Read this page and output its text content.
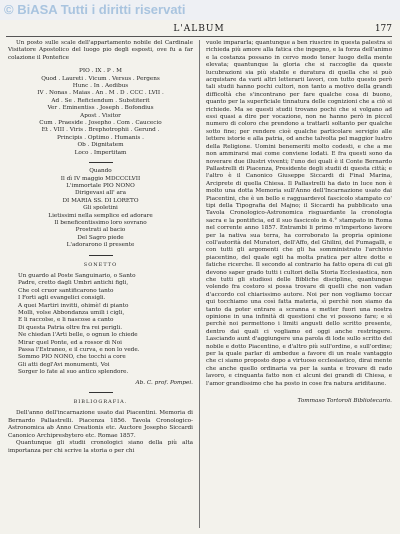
© BiASA Tutti i diritti riservati
L'ALBUM	177

Un posto sulle scale dell'appartamento nobile del Cardinale Visitatore Apostolico del luogo pio degli esposti, ove fu a far colazione il Pontefice

PIO . IX . P . M
Quod . Laureti . Vicum . Versus . Pergens
Hunc . In . Aedibus
IV . Nonas . Maias . An . M . D . CCC . LVII .
Ad . Se . Reficiendum . Substiterit
Ver . Eminentiss . Joseph . Bofondius
Apost . Visitor
Cum . Praeside . Josepho . Com . Caucecio
Et . VIII . Viris . Brephotrophii . Gerund .
Principis . Optimo . Humanis .
Ob . Dignitatem
Loco . Impertitam
Quando
Il dì IV maggio MDCCCLVII
L'immortale PIO NONO
Dirigevasi all' ara
DI MARIA SS. DI LORETO
Gli spoletini
Lietissimi nella semplice ed adorare
Il beneficentissimo loro sovrano
Prostrati al bacio
Del Sagro piede
L'adorarono il presente
SONETTO
Un guardo al Poste Sanguinario, o Santo
Padre, cretto dagli Umbri antichi figli,
Che col cruor santificarono tanto
I Forti agli evangelici consigli.
A quei Martiri invitti, ohimè! di pianto
Molli, volse Abbondanza umili i cigli,
E li raccolse, e li nascose a canto
Di questa Patria oltre fra rei perigli.
Ne chiedan l'Arti belle, o ognun lo chiede
Mirar quel Ponte, ed a rossor di Noi
Passa l'Estraneo, e il curva, e non lo vede.
Sommo PIO NONO, che tocchi a core
Gli atti degl'Avi monumenti, Voi
Sorger lo fate al suo antico splendore.
Ab. C. prof. Pompei.
BIBLIOGRAFIA.

Dell'anno dell'incarnazione usato dai Piacentini. Memoria di Bernardo Pallastrelli. Piacenza 1856. Tavola Cronologico-Astronomica ab Anno Creationis etc. Auctore Josepho Siccardi Canonico Archipresbytero etc. Romae 1857.

Quantunque gli studii cronologici siano della più alta importanza per chi scrive la storia o per chi

vuole impararla; quantunque a ben riuscire in questa palestra si richieda più amore alla fatica che ingegno, e la forza dell'animo e la costanza possano in cervo modo tener luogo della mente elevata; quantunque la gloria che si raccoglie da queste lucubrazioni sia più stabile e duratura di quella che si può acquistare da varii altri letterarii lavori, con tutto questo però tali studii hanno pochi cultori, non tanto a motivo della grandi difficoltà che s'incontrano per fare qualche cosa di buono, quanto per la superficiale tinnatura delle cognizioni che a ciò si richiede. Ma se questi studii trovano pochi che si volgano ad essi quasi a dire per vocazione, non ne hanno però in piccol numero di coloro che prendono a trattarli soltanto per qualche sotto fine; per rendere cioè qualche particolare servigio alle lettere istorie e alla patria, od anche talvolta pel maggior lustro della Religione. Uomini benemeriti molto codesti, e che a me non ammirarsi mai come conviene lodati. E fra questi sono da noverare due illustri viventi; l'uno dei quali è il Conte Bernardo Pallastrelli di Piacenza, Presidente degli studii di questa città; e l'altro è il Canonico Giuseppe Siccardi di Final Marina, Arciprete di quella Chiesa. Il Pallastrelli ha dato in luce non è molto una dotta Memoria sull'Anno dell'Incarnazione usato dai Piacentini, che è un bello e ragguardevol fascicolo stampato co' tipi della Tipografia del Majno; il Siccardi ha pubblicato una Tavola Cronologico-Astronomica risguardante la cronologia sacra e la pontificia, ed il suo fascicolo in 4.° stampato in Roma nel corrente anno 1857. Entrambi li primo m'impertono lavore per la nativa sua terra, ha corroborato la propria opinione coll'autorità del Muratori, dell'Affo, del Ghilini, del Fumagalli, e con tutti gli argomenti che gli ha somministrato l'archivio piacentino, del quale egli ha molta pratica per altre dotte e fatiche ricerche. Il secondo al contrario ha fatto opera di cui gli devono saper grado tutti i cultori della Storia Ecclesiastica, non che tutti gli studiosi delle Bibliche discipline, quantunque volendo fra costoro si possa trovare di quelli che non vadan d'accordo col chiarissimo autore. Noi per non vogliamo toccar qui tocchiamo una così fatta materia, sì perchè non siamo da tanto da poter entrare a scranna e metter fuori una nostra opinione in una infinità di questioni che vi possono fare; e sì perchè noi permettono i limiti angusti dello scritto presente, dentro dai quali ci vogliamo ed oggi anche restringere. Lasciando aunt d'aggiungere una parola di lode sullo scritto del nobile e dotto Piacentino, e d'altro più sull'ordine, e sull'ordine; per la quale parlar di ambedue a favore di un reale vantaggio che ci siamo proposto dopo a virtuoso ecclesiastico, dirai mente che anche quello ordinaria va per la santa e trovare di rado lavoro, e cinquanta fatto non ci alcuni dei grandi di Chiesa, e l'amor grandissimo che ha posto in cose fra natura ariditaune.

Tommaso Tortoroli Bibliotecario.
